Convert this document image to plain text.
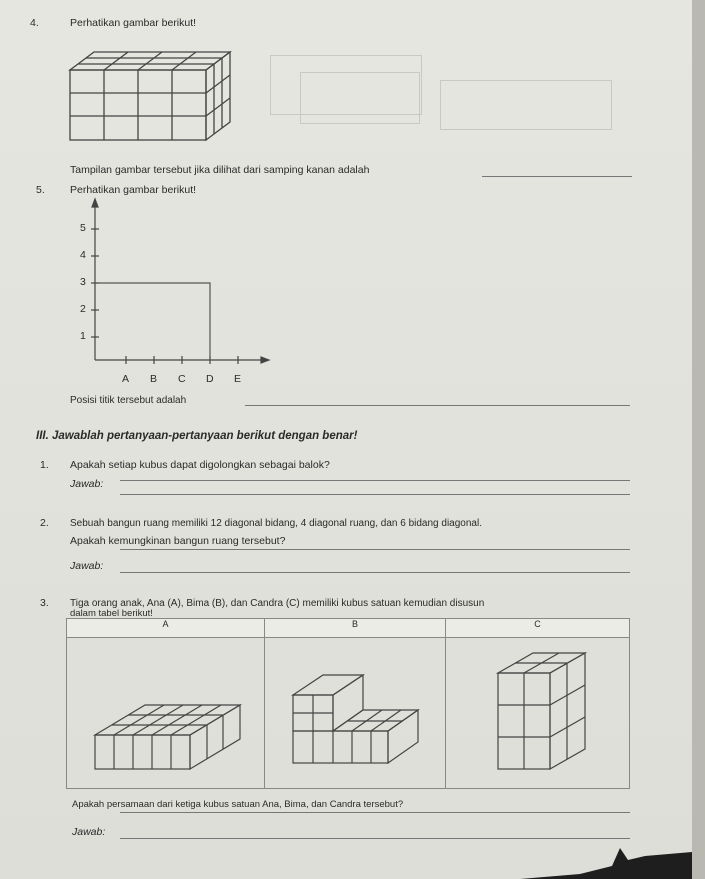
4.	Perhatikan gambar berikut!
Tampilan gambar tersebut jika dilihat dari samping kanan adalah
5. Perhatikan gambar berikut!
5
4
3
2
1
A B C D E
Posisi titik tersebut adalah
III. Jawablah pertanyaan-pertanyaan berikut dengan benar!
1. Apakah setiap kubus dapat digolongkan sebagai balok?
Jawab:
2. Sebuah bangun ruang memiliki 12 diagonal bidang, 4 diagonal ruang, dan 6 bidang diagonal.
Apakah kemungkinan bangun ruang tersebut?
Jawab:
3. Tiga orang anak, Ana (A), Bima (B), dan Candra (C) memiliki kubus satuan kemudian disusun
dalam tabel berikut!
A	B	C

Apakah persamaan dari ketiga kubus satuan Ana, Bima, dan Candra tersebut?
Jawab:
